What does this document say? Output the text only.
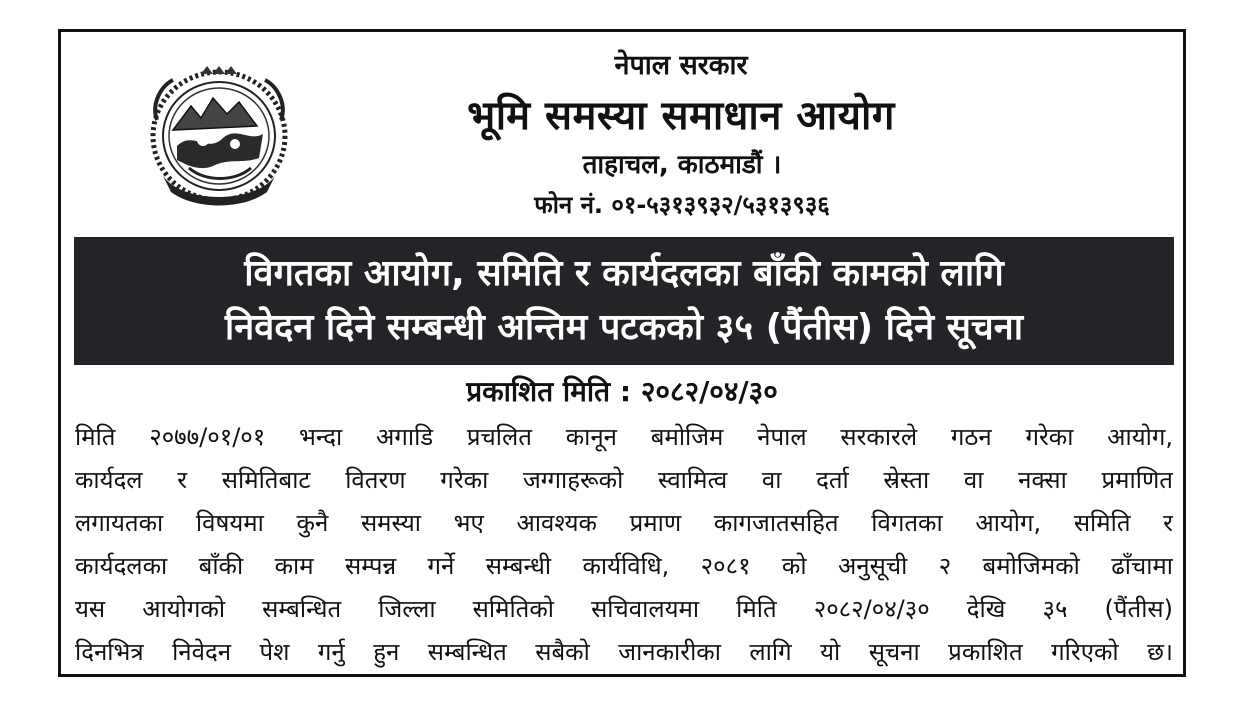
नेपाल सरकार
भूमि समस्या समाधान आयोग
ताहाचल, काठमाडौं ।
फोन नं. ०१-५३१३९३२/५३१३९३६
विगतका आयोग, समिति र कार्यदलका बाँकी कामको लागि
निवेदन दिने सम्बन्धी अन्तिम पटकको ३५ (पैंतीस) दिने सूचना
प्रकाशित मिति : २०८२/०४/३०
मिति २०७७/०१/०१ भन्दा अगाडि प्रचलित कानून बमोजिम नेपाल सरकारले गठन गरेका आयोग,
कार्यदल र समितिबाट वितरण गरेका जग्गाहरूको स्वामित्व वा दर्ता स्रेस्ता वा नक्सा प्रमाणित
लगायतका विषयमा कुनै समस्या भए आवश्यक प्रमाण कागजातसहित विगतका आयोग, समिति र
कार्यदलका बाँकी काम सम्पन्न गर्ने सम्बन्धी कार्यविधि, २०८१ को अनुसूची २ बमोजिमको ढाँचामा
यस आयोगको सम्बन्धित जिल्ला समितिको सचिवालयमा मिति २०८२/०४/३० देखि ३५ (पैंतीस)
दिनभित्र निवेदन पेश गर्नु हुन सम्बन्धित सबैको जानकारीका लागि यो सूचना प्रकाशित गरिएको छ।
